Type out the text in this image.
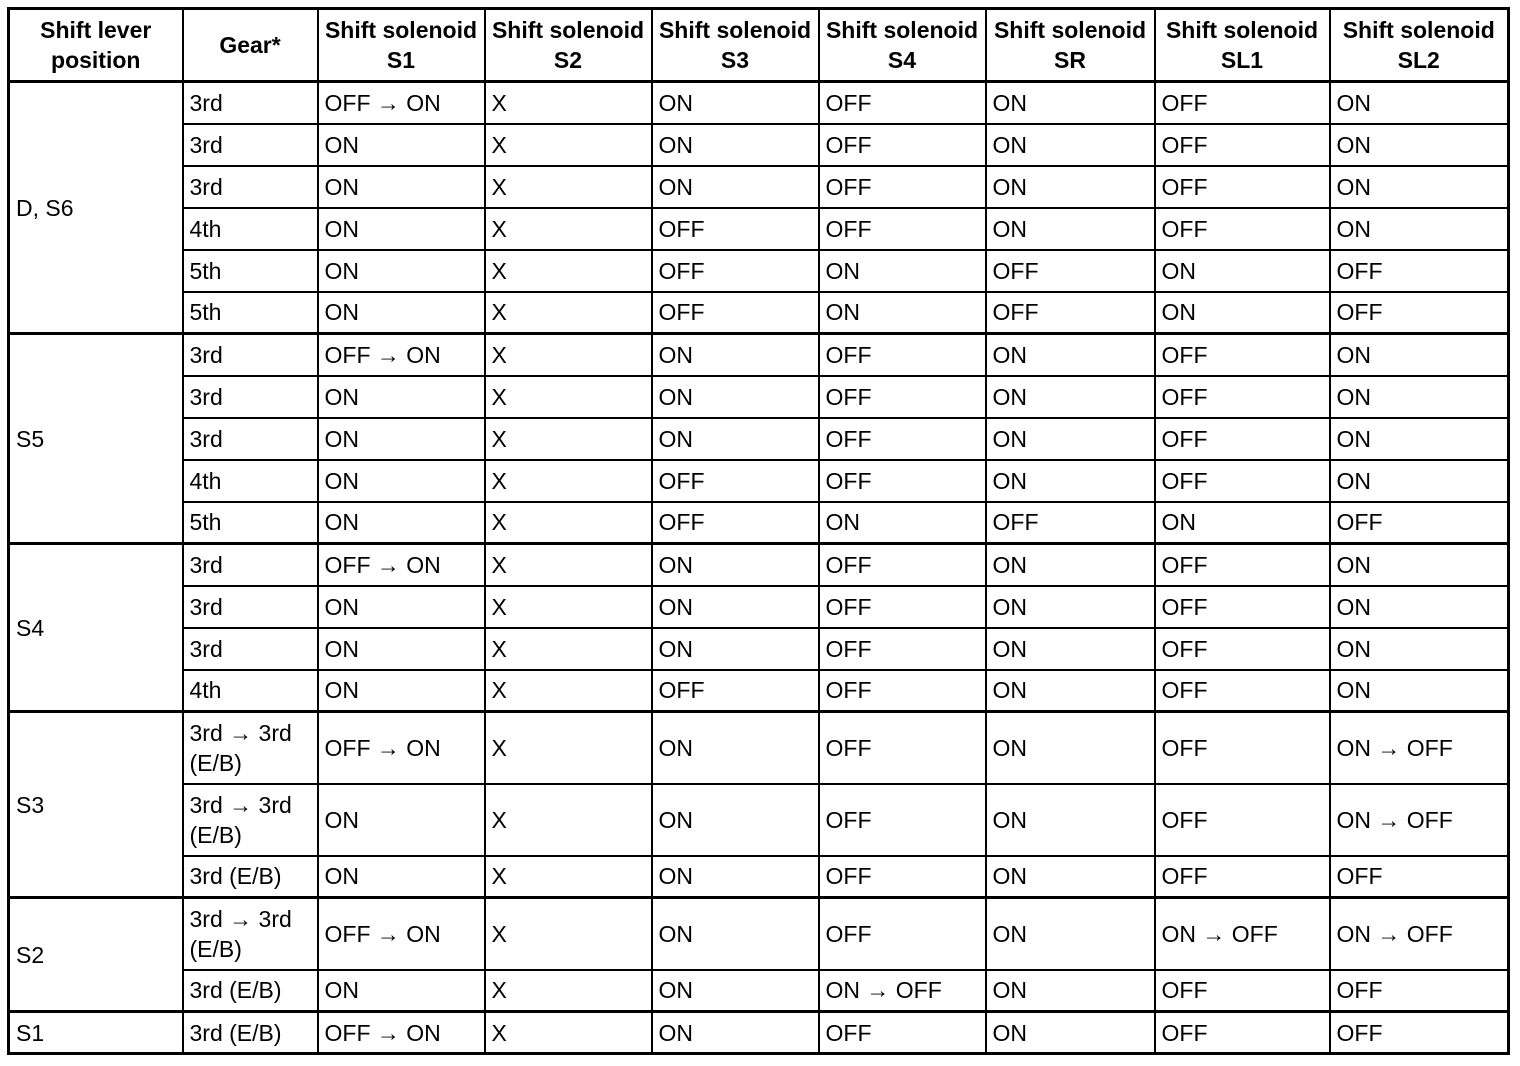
Shift lever position	Gear*	Shift solenoid S1	Shift solenoid S2	Shift solenoid S3	Shift solenoid S4	Shift solenoid SR	Shift solenoid SL1	Shift solenoid SL2
D, S6	3rd	OFF → ON	X	ON	OFF	ON	OFF	ON
	3rd	ON	X	ON	OFF	ON	OFF	ON
	3rd	ON	X	ON	OFF	ON	OFF	ON
	4th	ON	X	OFF	OFF	ON	OFF	ON
	5th	ON	X	OFF	ON	OFF	ON	OFF
	5th	ON	X	OFF	ON	OFF	ON	OFF
S5	3rd	OFF → ON	X	ON	OFF	ON	OFF	ON
	3rd	ON	X	ON	OFF	ON	OFF	ON
	3rd	ON	X	ON	OFF	ON	OFF	ON
	4th	ON	X	OFF	OFF	ON	OFF	ON
	5th	ON	X	OFF	ON	OFF	ON	OFF
S4	3rd	OFF → ON	X	ON	OFF	ON	OFF	ON
	3rd	ON	X	ON	OFF	ON	OFF	ON
	3rd	ON	X	ON	OFF	ON	OFF	ON
	4th	ON	X	OFF	OFF	ON	OFF	ON
S3	3rd → 3rd (E/B)	OFF → ON	X	ON	OFF	ON	OFF	ON → OFF
	3rd → 3rd (E/B)	ON	X	ON	OFF	ON	OFF	ON → OFF
	3rd (E/B)	ON	X	ON	OFF	ON	OFF	OFF
S2	3rd → 3rd (E/B)	OFF → ON	X	ON	OFF	ON	ON → OFF	ON → OFF
	3rd (E/B)	ON	X	ON	ON → OFF	ON	OFF	OFF
S1	3rd (E/B)	OFF → ON	X	ON	OFF	ON	OFF	OFF
